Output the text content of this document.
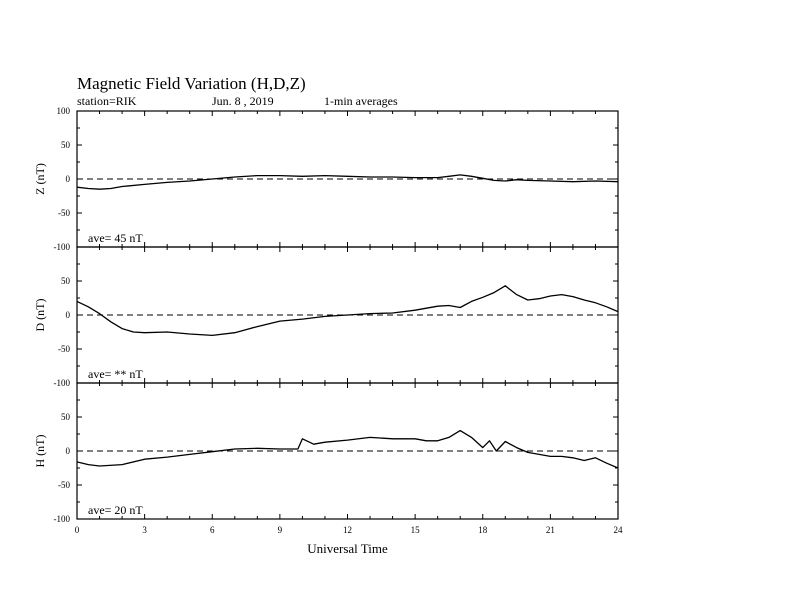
Magnetic Field Variation (H,D,Z)
station=RIK	Jun. 8 , 2019	1-min averages
100
50
0
-50
-100
Z (nT)
ave= 45 nT
50
0
-50
-100
D (nT)
ave= ** nT
50
0
-50
-100
H (nT)
ave= 20 nT
0	3	6	9	12	15	18	21	24
Universal Time
